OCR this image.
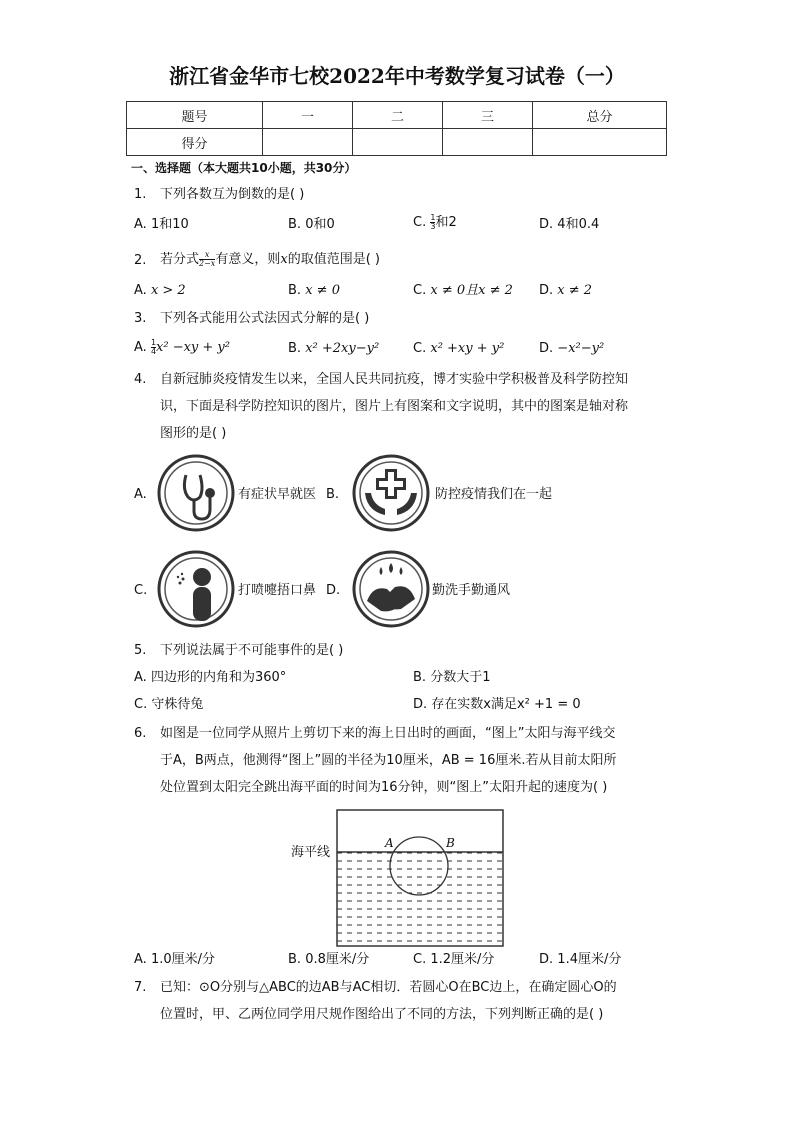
浙江省金华市七校2022年中考数学复习试卷（一）
题号	一	二	三	总分
得分				
一、选择题（本大题共10小题，共30分）
1. 下列各数互为倒数的是( )
A. 1和10	B. 0和0	C. $\frac{1}{3}$ 和2	D. 4和0.4
2. 若分式 $\frac{x}{2-x}$ 有意义，则x的取值范围是( )
A. x > 2	B. x ≠ 0	C. x ≠ 0且x ≠ 2 D. x ≠ 2
3. 下列各式能用公式法因式分解的是( )
A. $\frac{1}{4} x^2 -xy + y^2$	B. x² +2xy−y²	C. x² +xy + y²	D. −x²−y²
4. 自新冠肺炎疫情发生以来，全国人民共同抗疫，博才实验中学积极普及科学防控知
识，下面是科学防控知识的图片，图片上有图案和文字说明，其中的图案是轴对称
图形的是( )
A.	有症状早就医 B.	防控疫情我们在一起
C.	打喷嚏捂口鼻 D.	勤洗手勤通风
5. 下列说法属于不可能事件的是( )
A. 四边形的内角和为360°	B. 分数大于1
C. 守株待兔	D. 存在实数x满足x² +1 = 0
6. 如图是一位同学从照片上剪切下来的海上日出时的画面，“图上”太阳与海平线交
于A，B两点，他测得“图上”圆的半径为10厘米，AB = 16厘米.若从目前太阳所
处位置到太阳完全跳出海平面的时间为16分钟，则“图上”太阳升起的速度为( )
海平线
A	B
A. 1.0厘米/分	B. 0.8厘米/分	C. 1.2厘米/分	D. 1.4厘米/分
7. 已知：⊙O分别与△ABC的边AB与AC相切．若圆心O在BC边上，在确定圆心O的
位置时，甲、乙两位同学用尺规作图给出了不同的方法，下列判断正确的是( )
